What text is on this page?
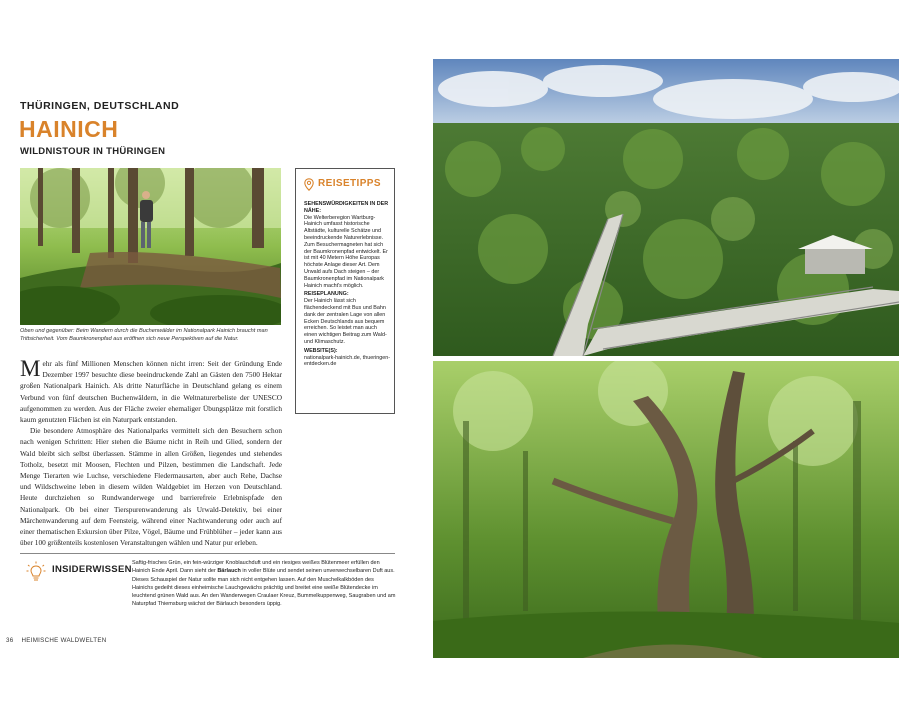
THÜRINGEN, DEUTSCHLAND
HAINICH
WILDNISTOUR IN THÜRINGEN
Oben und gegenüber: Beim Wandern durch die Buchenwälder im Nationalpark Hainich braucht man Trittsicherheit. Vom Baumkronenpfad aus eröffnen sich neue Perspektiven auf die Natur.
Mehr als fünf Millionen Menschen können nicht irren: Seit der Gründung Ende Dezember 1997 besuchte diese beeindruckende Zahl an Gästen den 7500 Hektar großen Nationalpark Hainich. Als dritte Naturfläche in Deutschland gelang es einem Verbund von fünf deutschen Buchenwäldern, in die Weltnaturerbeliste der UNESCO aufgenommen zu werden. Aus der Fläche zweier ehemaliger Übungsplätze mit forstlich kaum genutzten Flächen ist ein Naturpark entstanden.
Die besondere Atmosphäre des Nationalparks vermittelt sich den Besuchern schon nach wenigen Schritten: Hier stehen die Bäume nicht in Reih und Glied, sondern der Wald bleibt sich selbst überlassen. Stämme in allen Größen, liegendes und stehendes Totholz, besetzt mit Moosen, Flechten und Pilzen, bestimmen die Landschaft. Jede Menge Tierarten wie Luchse, verschiedene Fledermausarten, aber auch Rehe, Dachse und Wildschweine leben in diesem wilden Waldgebiet im Herzen von Deutschland. Heute durchziehen so Rundwanderwege und barrierefreie Erlebnispfade den Nationalpark. Ob bei einer Tierspurenwanderung als Urwald-Detektiv, bei einer Märchenwanderung auf dem Feensteig, während einer Nachtwanderung oder auch auf einer thematischen Exkursion über Pilze, Vögel, Bäume und Frühblüher – jeder kann aus über 100 größtenteils kostenlosen Veranstaltungen wählen und Natur pur erleben.
REISETIPPS
SEHENSWÜRDIGKEITEN IN DER NÄHE:
Die Welterberegion Wartburg-Hainich umfasst historische Altstädte, kulturelle Schätze und beeindruckende Naturerlebnisse. Zum Besuchermagneten hat sich der Baumkronenpfad entwickelt. Er ist mit 40 Metern Höhe Europas höchste Anlage dieser Art. Dem Urwald aufs Dach steigen – der Baumkronenpfad im Nationalpark Hainich macht's möglich.
REISEPLANUNG:
Der Hainich lässt sich flächendeckend mit Bus und Bahn dank der zentralen Lage von allen Ecken Deutschlands aus bequem erreichen. So leistet man auch einen wichtigen Beitrag zum Wald- und Klimaschutz.
WEBSITE(S):
nationalpark-hainich.de, thueringen-entdecken.de
INSIDERWISSEN
Saftig-frisches Grün, ein fein-würziger Knoblauchduft und ein riesiges weißes Blütenmeer erfüllen den Hainich Ende April. Dann sieht der Bärlauch in voller Blüte und sendet seinen unverwechselbaren Duft aus. Dieses Schauspiel der Natur sollte man sich nicht entgehen lassen. Auf den Muschelkalkböden des Hainichs gedeiht dieses einheimische Lauchgewächs prächtig und breitet eine weiße Blütendecke im leuchtend grünen Wald aus. An den Wanderwegen Craulaer Kreuz, Bummelkuppenweg, Saugraben und am Naturpfad Thiemsburg wächst der Bärlauch besonders üppig.
36 HEIMISCHE WALDWELTEN
